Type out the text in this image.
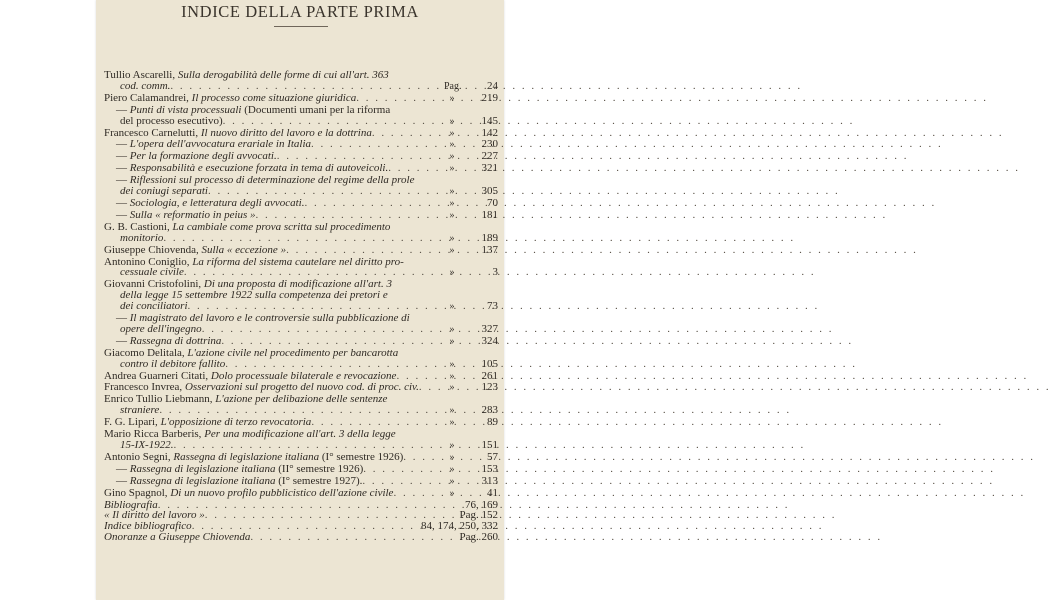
INDICE DELLA PARTE PRIMA
Tullio Ascarelli, Sulla derogabilità delle forme di cui all'art. 363
cod. comm. . . .	Pag.	24
Piero Calamandrei, Il processo come situazione giuridica . . .	»	219
— Punti di vista processuali (Documenti umani per la riforma
del processo esecutivo) . . .	»	145
Francesco Carnelutti, Il nuovo diritto del lavoro e la dottrina . . .	»	142
— L'opera dell'avvocatura erariale in Italia . . .	»	230
— Per la formazione degli avvocati. . . .	»	227
— Responsabilità e esecuzione forzata in tema di autoveicoli. . . .	»	321
— Riflessioni sul processo di determinazione del regime della prole
dei coniugi separati . . .	»	305
— Sociologia, e letteratura degli avvocati. . . .	»	70
— Sulla « reformatio in peius » . . .	»	181
G. B. Castioni, La cambiale come prova scritta sul procedimento
monitorio . . .	»	189
Giuseppe Chiovenda, Sulla « eccezione » . . .	»	137
Antonino Coniglio, La riforma del sistema cautelare nel diritto pro-
cessuale civile . . .	»	3
Giovanni Cristofolini, Di una proposta di modificazione all'art. 3
della legge 15 settembre 1922 sulla competenza dei pretori e
dei conciliatori . . .	»	73
— Il magistrato del lavoro e le controversie sulla pubblicazione di
opere dell'ingegno . . .	»	327
— Rassegna di dottrina . . .	»	324
Giacomo Delitala, L'azione civile nel procedimento per bancarotta
contro il debitore fallito . . .	»	105
Andrea Guarneri Citati, Dolo processuale bilaterale e revocazione . . .	»	261
Francesco Invrea, Osservazioni sul progetto del nuovo cod. di proc. civ. . . .	»	123
Enrico Tullio Liebmann, L'azione per delibazione delle sentenze
straniere . . .	»	283
F. G. Lipari, L'opposizione di terzo revocatoria . . .	»	89
Mario Ricca Barberis, Per una modificazione all'art. 3 della legge
15-IX-1922. . . .	»	151
Antonio Segni, Rassegna di legislazione italiana (I° semestre 1926) . . .	»	57
— Rassegna di legislazione italiana (II° semestre 1926) . . .	»	153
— Rassegna di legislazione italiana (I° semestre 1927). . . .	»	313
Gino Spagnol, Di un nuovo profilo pubblicistico dell'azione civile . . .	»	41
Bibliografia . . .	76, 169
« Il diritto del lavoro » . . .	Pag. 152
Indice bibliografico . . .	84, 174, 250, 332
Onoranze a Giuseppe Chiovenda . . .	Pag. 260
